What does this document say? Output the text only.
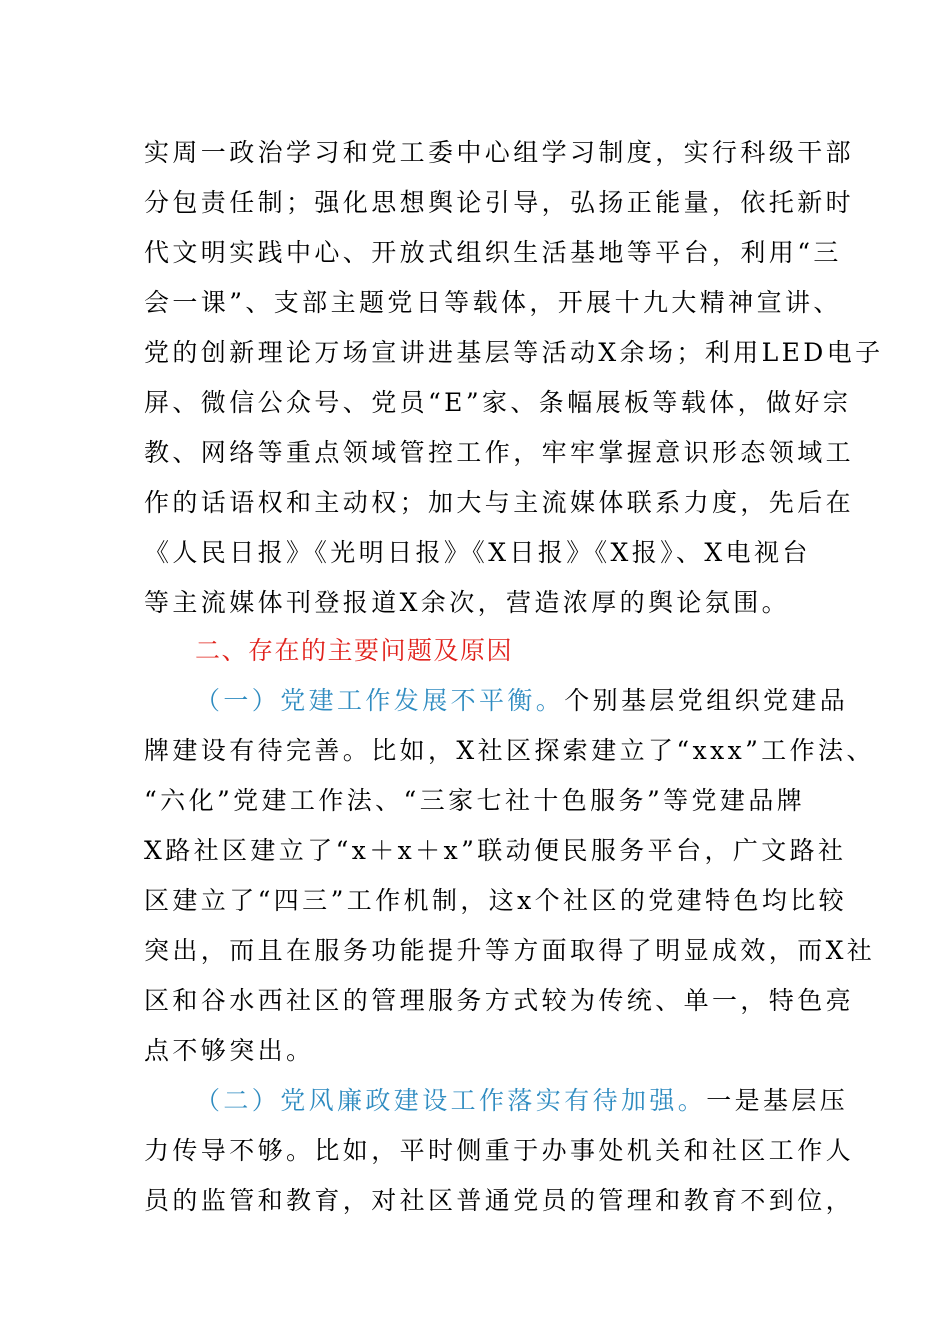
实周一政治学习和党工委中心组学习制度，实行科级干部
分包责任制；强化思想舆论引导，弘扬正能量，依托新时
代文明实践中心、开放式组织生活基地等平台，利用“三
会一课”、支部主题党日等载体，开展十九大精神宣讲、
党的创新理论万场宣讲进基层等活动X余场；利用LED电子
屏、微信公众号、党员“E”家、条幅展板等载体，做好宗
教、网络等重点领域管控工作，牢牢掌握意识形态领域工
作的话语权和主动权；加大与主流媒体联系力度，先后在
《人民日报》《光明日报》《X日报》《X报》、X电视台
等主流媒体刊登报道X余次，营造浓厚的舆论氛围。
二、存在的主要问题及原因
（一）党建工作发展不平衡。个别基层党组织党建品
牌建设有待完善。比如，X社区探索建立了“xxx”工作法、
“六化”党建工作法、“三家七社十色服务”等党建品牌
X路社区建立了“x＋x＋x”联动便民服务平台，广文路社
区建立了“四三”工作机制，这x个社区的党建特色均比较
突出，而且在服务功能提升等方面取得了明显成效，而X社
区和谷水西社区的管理服务方式较为传统、单一，特色亮
点不够突出。
（二）党风廉政建设工作落实有待加强。一是基层压
力传导不够。比如，平时侧重于办事处机关和社区工作人
员的监管和教育，对社区普通党员的管理和教育不到位，
